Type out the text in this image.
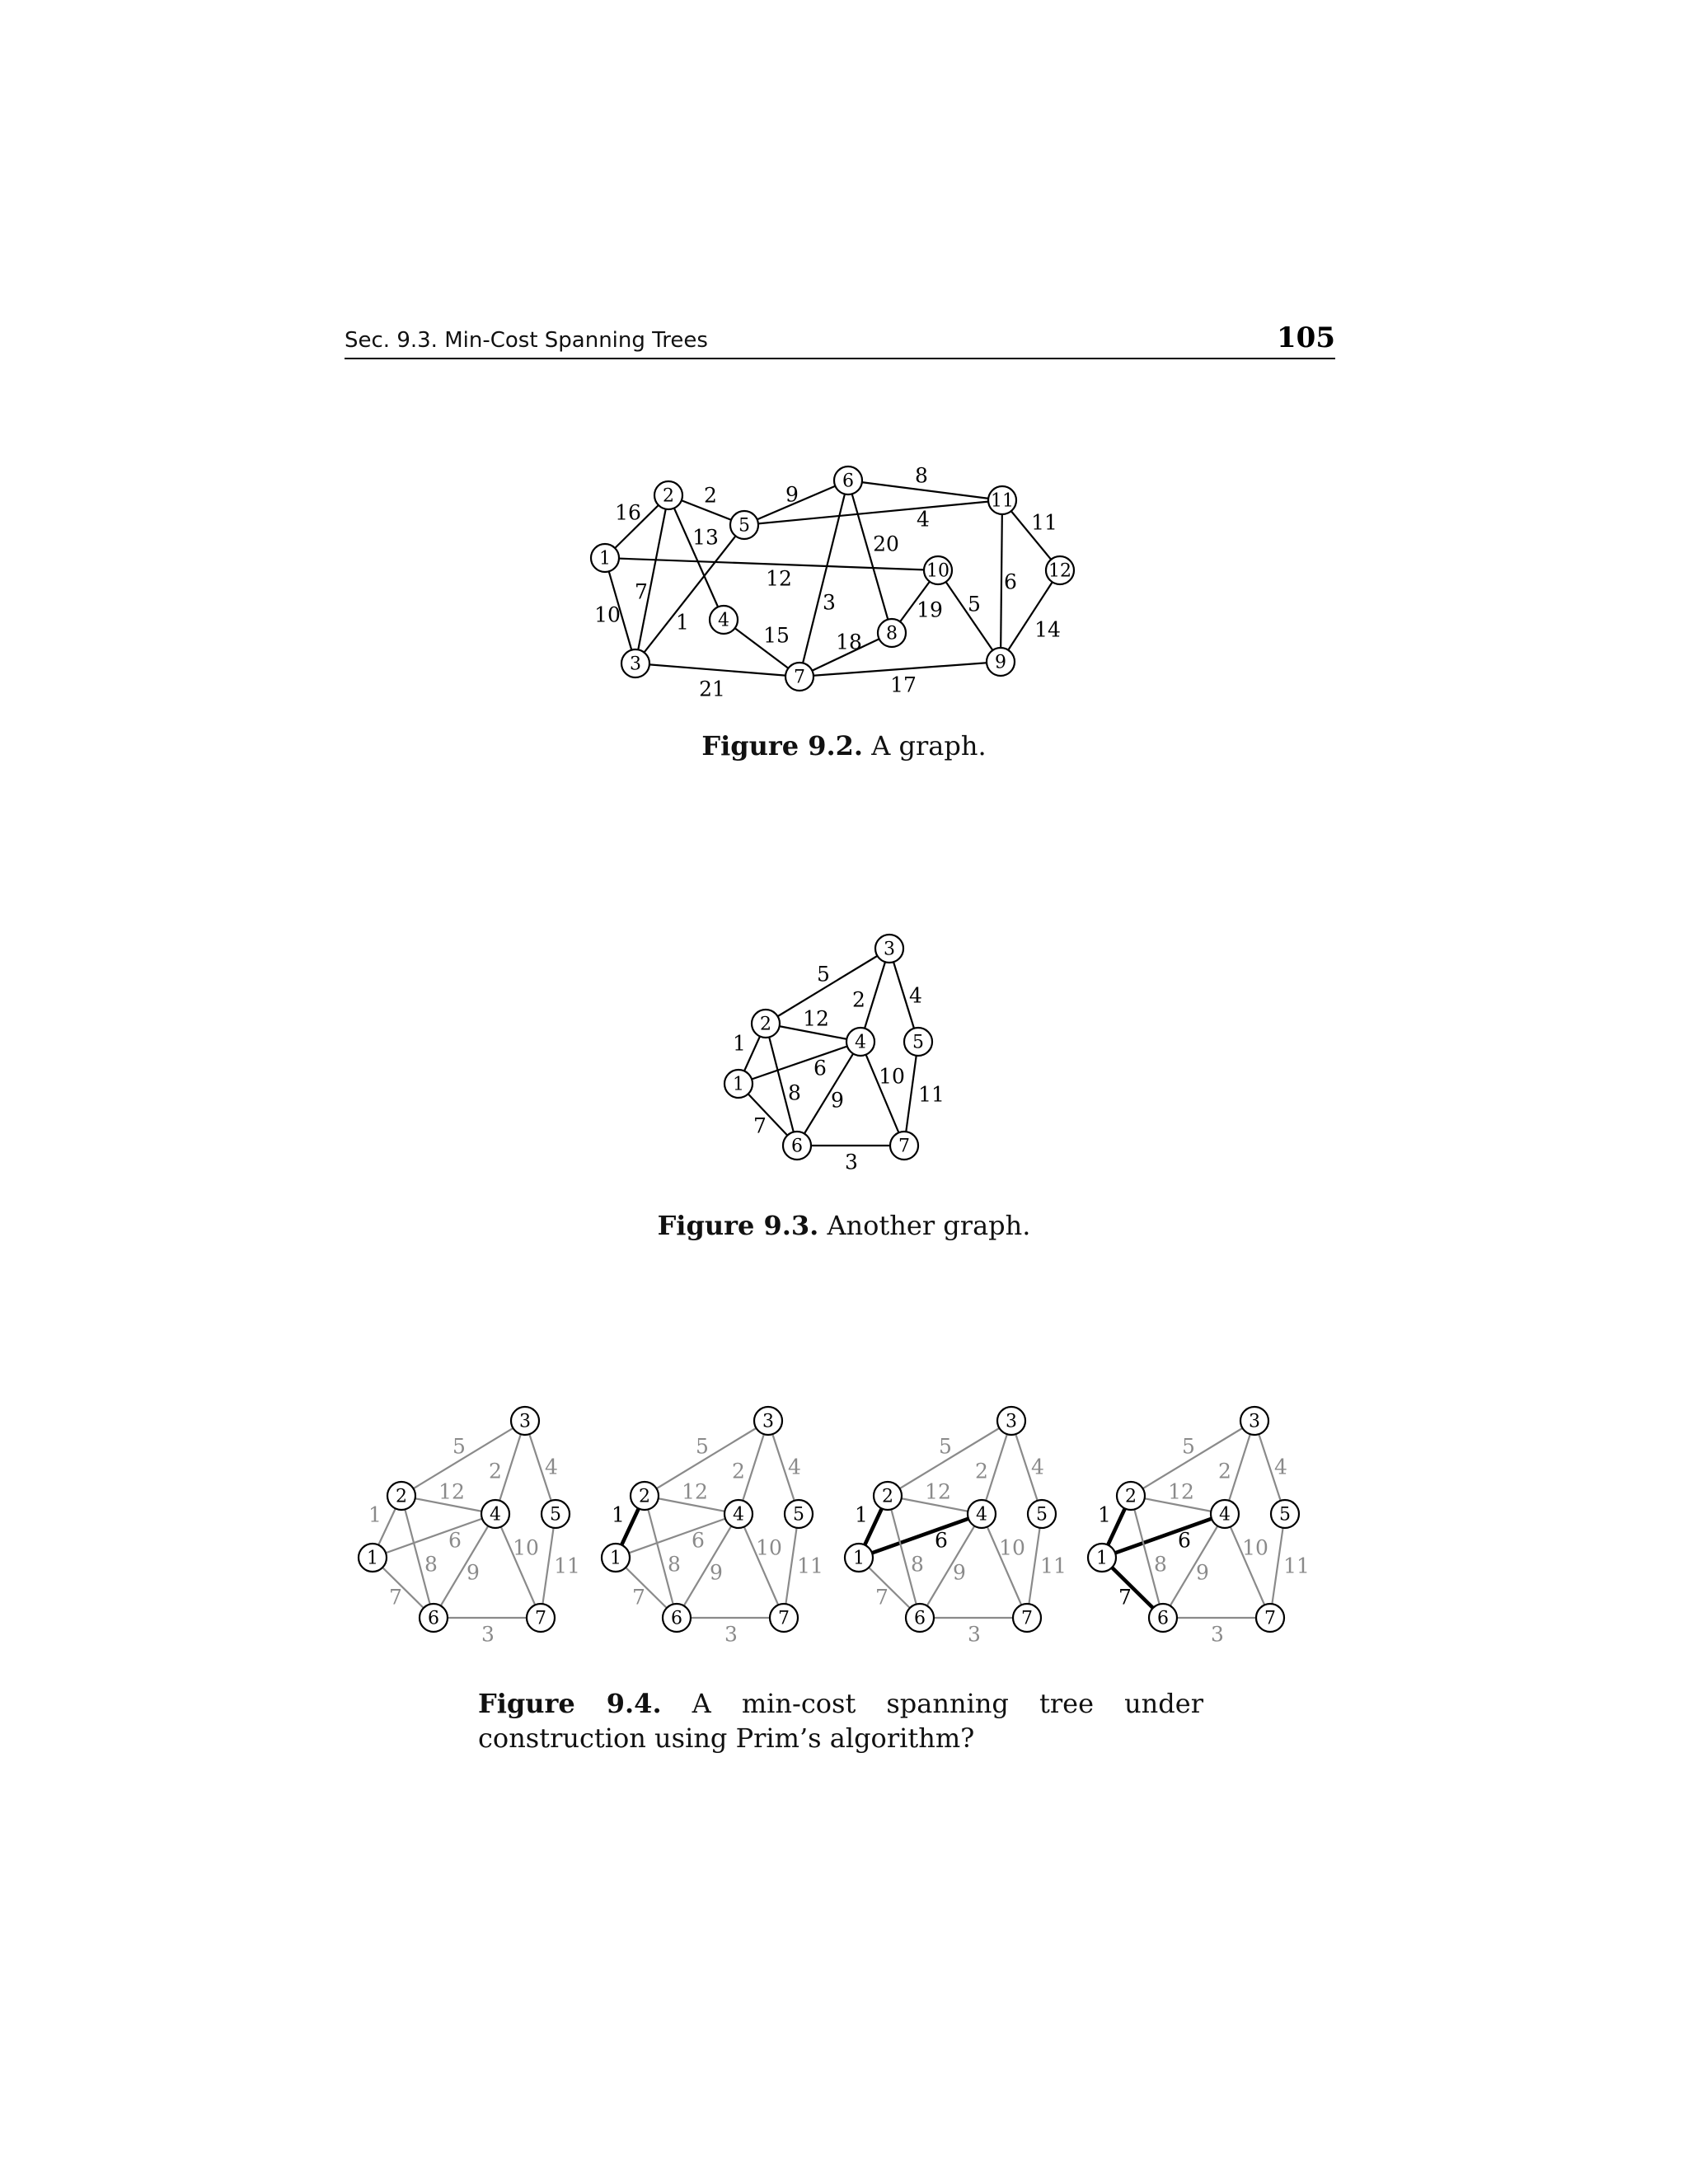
Sec. 9.3. Min-Cost Spanning Trees	105
16
10
12
7
13
2
1
21
15
9
4
3
20
8
18
17
19 5
6
14
11
1
2
3
4
5
6
7
8
9
10
11
12
Figure 9.2. A graph.
1
6
7
5
12
8
2 4
9
10
11
3
1
2
3
4	5
6	7
Figure 9.3. Another graph.
1
6
7
5
12
8
2 4
9
10
11
3
1
2
3
4	5
6	7
1
6
7
5
12
8
2 4
9
10
11
3
1
2
3
4	5
6	7
1
6
7
5
12
8
2 4
9
10
11
3
1
2
3
4	5
6	7
1
6
7
5
12
8
2 4
9
10
11
3
1
2
3
4	5
6	7
Figure 9.4. A min-cost spanning tree under construction using Prim’s algorithm?
